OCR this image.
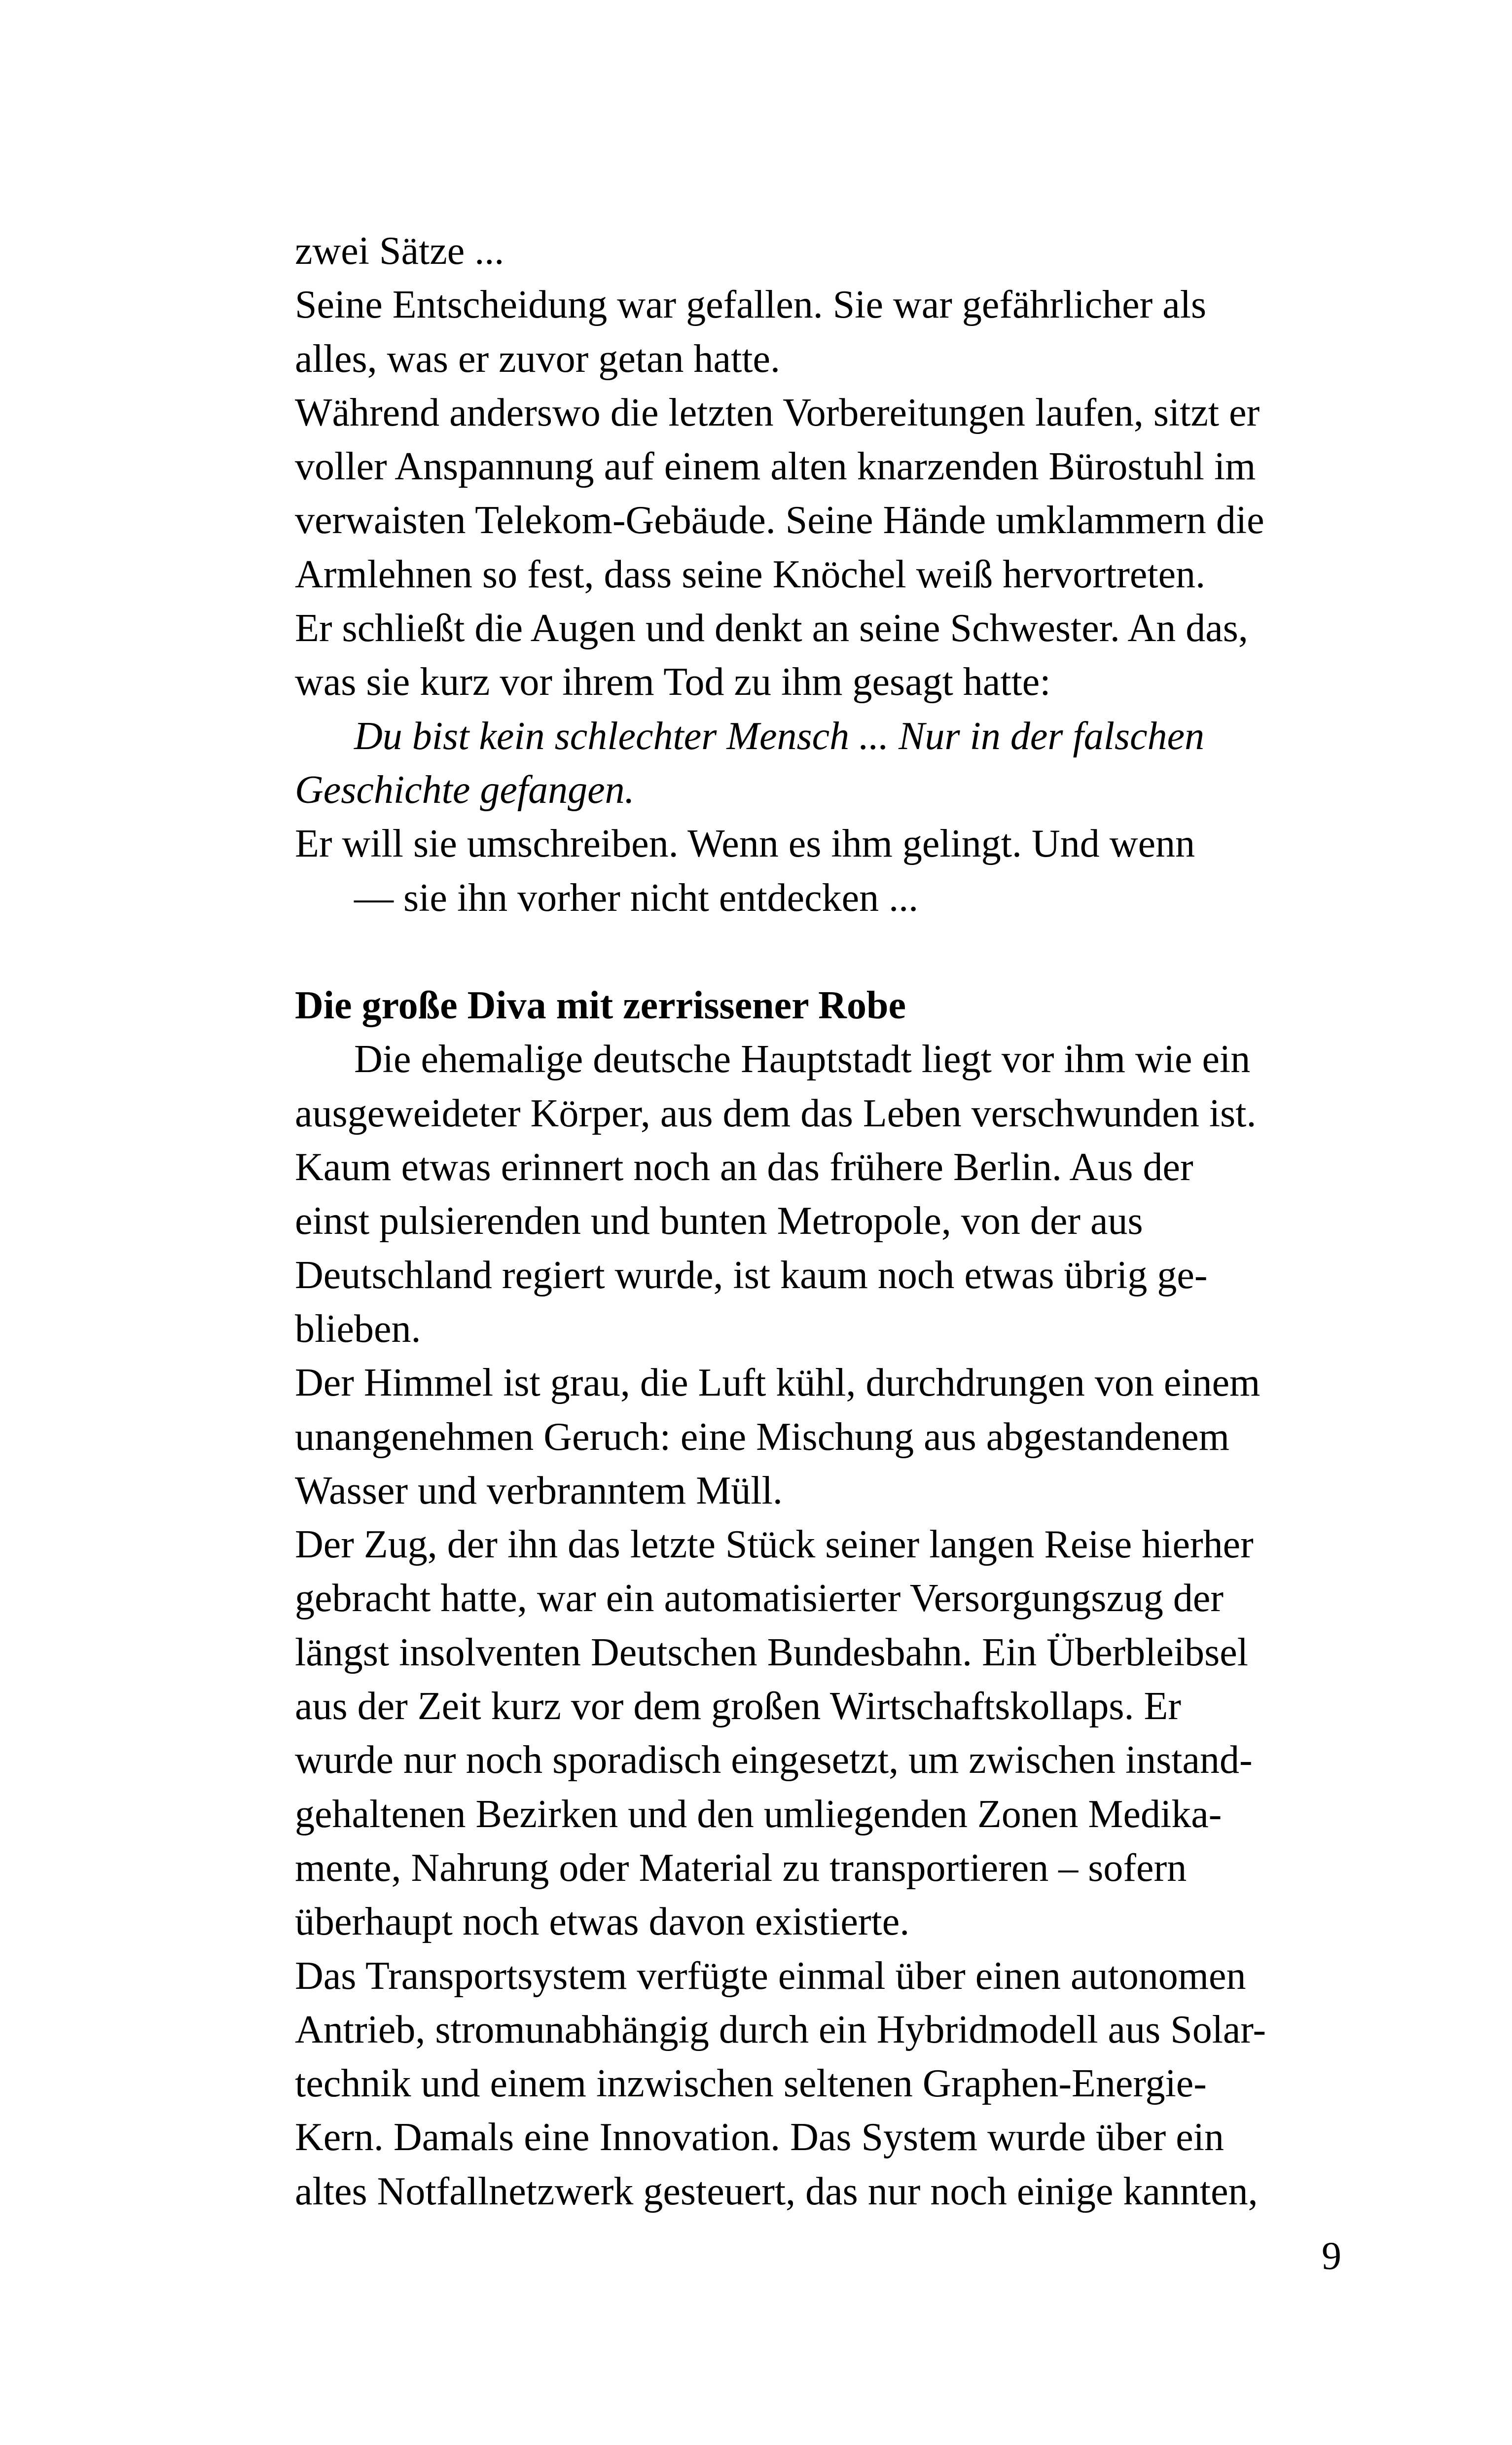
zwei Sätze ...
Seine Entscheidung war gefallen. Sie war gefährlicher als
alles, was er zuvor getan hatte.
Während anderswo die letzten Vorbereitungen laufen, sitzt er
voller Anspannung auf einem alten knarzenden Bürostuhl im
verwaisten Telekom-Gebäude. Seine Hände umklammern die
Armlehnen so fest, dass seine Knöchel weiß hervortreten.
Er schließt die Augen und denkt an seine Schwester. An das,
was sie kurz vor ihrem Tod zu ihm gesagt hatte:
Du bist kein schlechter Mensch ... Nur in der falschen
Geschichte gefangen.
Er will sie umschreiben. Wenn es ihm gelingt. Und wenn
— sie ihn vorher nicht entdecken ...
Die große Diva mit zerrissener Robe
Die ehemalige deutsche Hauptstadt liegt vor ihm wie ein
ausgeweideter Körper, aus dem das Leben verschwunden ist.
Kaum etwas erinnert noch an das frühere Berlin. Aus der
einst pulsierenden und bunten Metropole, von der aus
Deutschland regiert wurde, ist kaum noch etwas übrig ge-
blieben.
Der Himmel ist grau, die Luft kühl, durchdrungen von einem
unangenehmen Geruch: eine Mischung aus abgestandenem
Wasser und verbranntem Müll.
Der Zug, der ihn das letzte Stück seiner langen Reise hierher
gebracht hatte, war ein automatisierter Versorgungszug der
längst insolventen Deutschen Bundesbahn. Ein Überbleibsel
aus der Zeit kurz vor dem großen Wirtschaftskollaps. Er
wurde nur noch sporadisch eingesetzt, um zwischen instand-
gehaltenen Bezirken und den umliegenden Zonen Medika-
mente, Nahrung oder Material zu transportieren – sofern
überhaupt noch etwas davon existierte.
Das Transportsystem verfügte einmal über einen autonomen
Antrieb, stromunabhängig durch ein Hybridmodell aus Solar-
technik und einem inzwischen seltenen Graphen-Energie-
Kern. Damals eine Innovation. Das System wurde über ein
altes Notfallnetzwerk gesteuert, das nur noch einige kannten,
9
